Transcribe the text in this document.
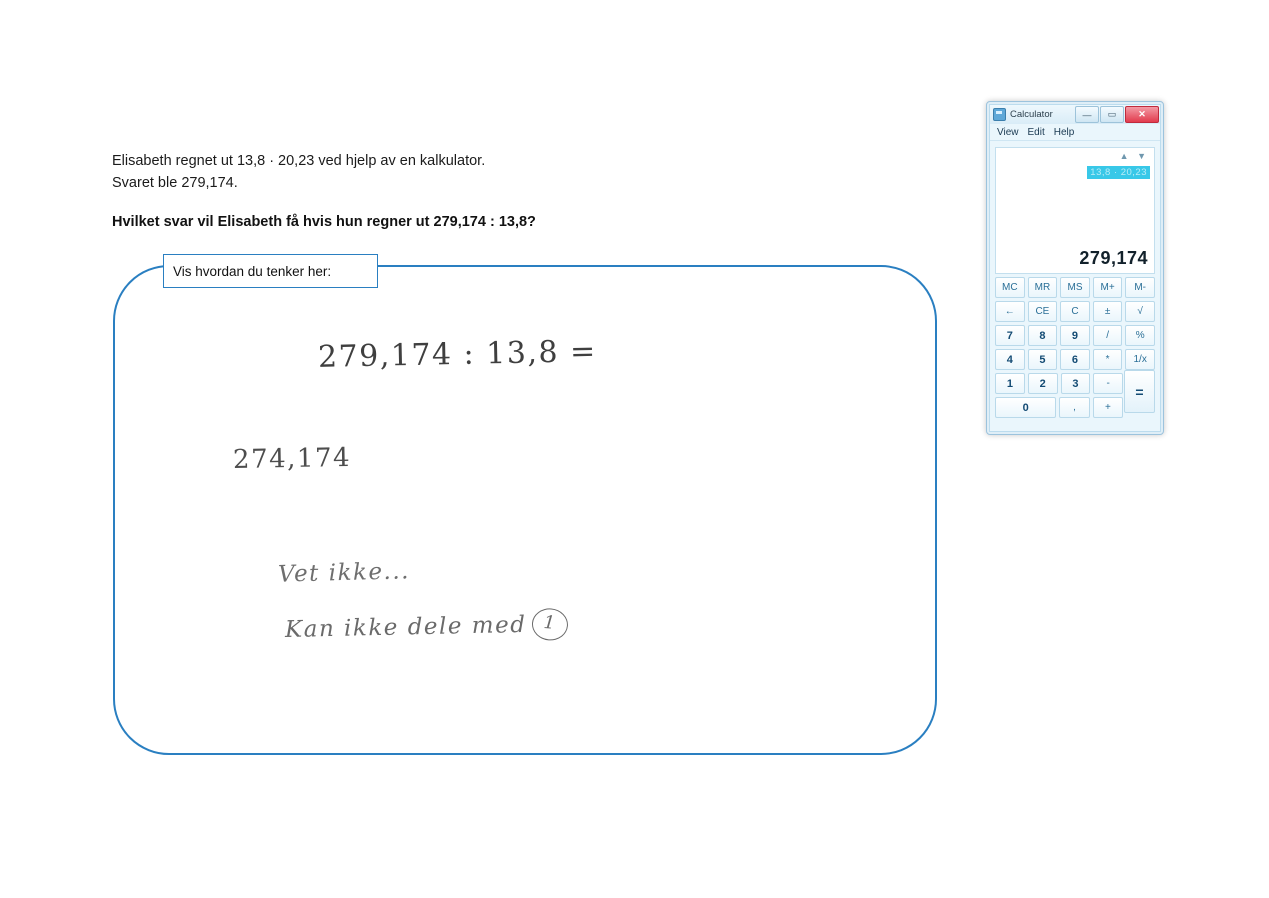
Elisabeth regnet ut 13,8 · 20,23 ved hjelp av en kalkulator.
Svaret ble 279,174.
Hvilket svar vil Elisabeth få hvis hun regner ut 279,174 : 13,8?
Vis hvordan du tenker her:
279,174 : 13,8 =
274,174
Vet ikke...
Kan ikke dele med 1
Calculator	—	▭	✕
View Edit Help
▲ ▼
13,8 · 20,23
279,174
MC	MR	MS	M+	M-
←	CE	C	±	√
7	8	9	/	%
4	5	6	*	1/x
1	2	3	-
0	,	+
=
